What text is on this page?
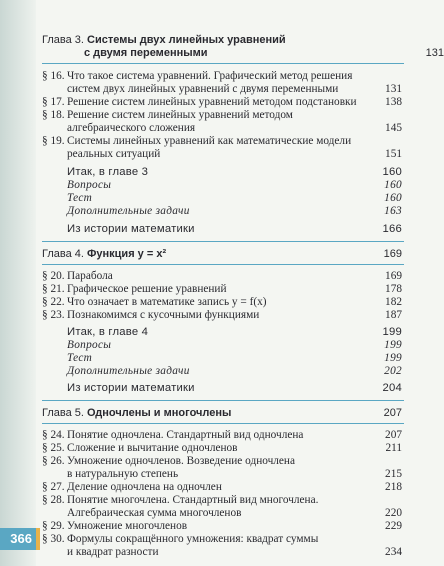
Глава 3. Системы двух линейных уравнений
с двумя переменными	131
§ 16. Что такое система уравнений. Графический метод решения
систем двух линейных уравнений с двумя переменными	131
§ 17. Решение систем линейных уравнений методом подстановки	138
§ 18. Решение систем линейных уравнений методом
алгебраического сложения	145
§ 19. Системы линейных уравнений как математические модели
реальных ситуаций	151
Итак, в главе 3	160
Вопросы	160
Тест	160
Дополнительные задачи	163
Из истории математики	166
Глава 4. Функция y = x²	169
§ 20. Парабола	169
§ 21. Графическое решение уравнений	178
§ 22. Что означает в математике запись y = f(x)	182
§ 23. Познакомимся с кусочными функциями	187
Итак, в главе 4	199
Вопросы	199
Тест	199
Дополнительные задачи	202
Из истории математики	204
Глава 5. Одночлены и многочлены	207
§ 24. Понятие одночлена. Стандартный вид одночлена	207
§ 25. Сложение и вычитание одночленов	211
§ 26. Умножение одночленов. Возведение одночлена
в натуральную степень	215
§ 27. Деление одночлена на одночлен	218
§ 28. Понятие многочлена. Стандартный вид многочлена.
Алгебраическая сумма многочленов	220
§ 29. Умножение многочленов	229
§ 30. Формулы сокращённого умножения: квадрат суммы
и квадрат разности	234
366
